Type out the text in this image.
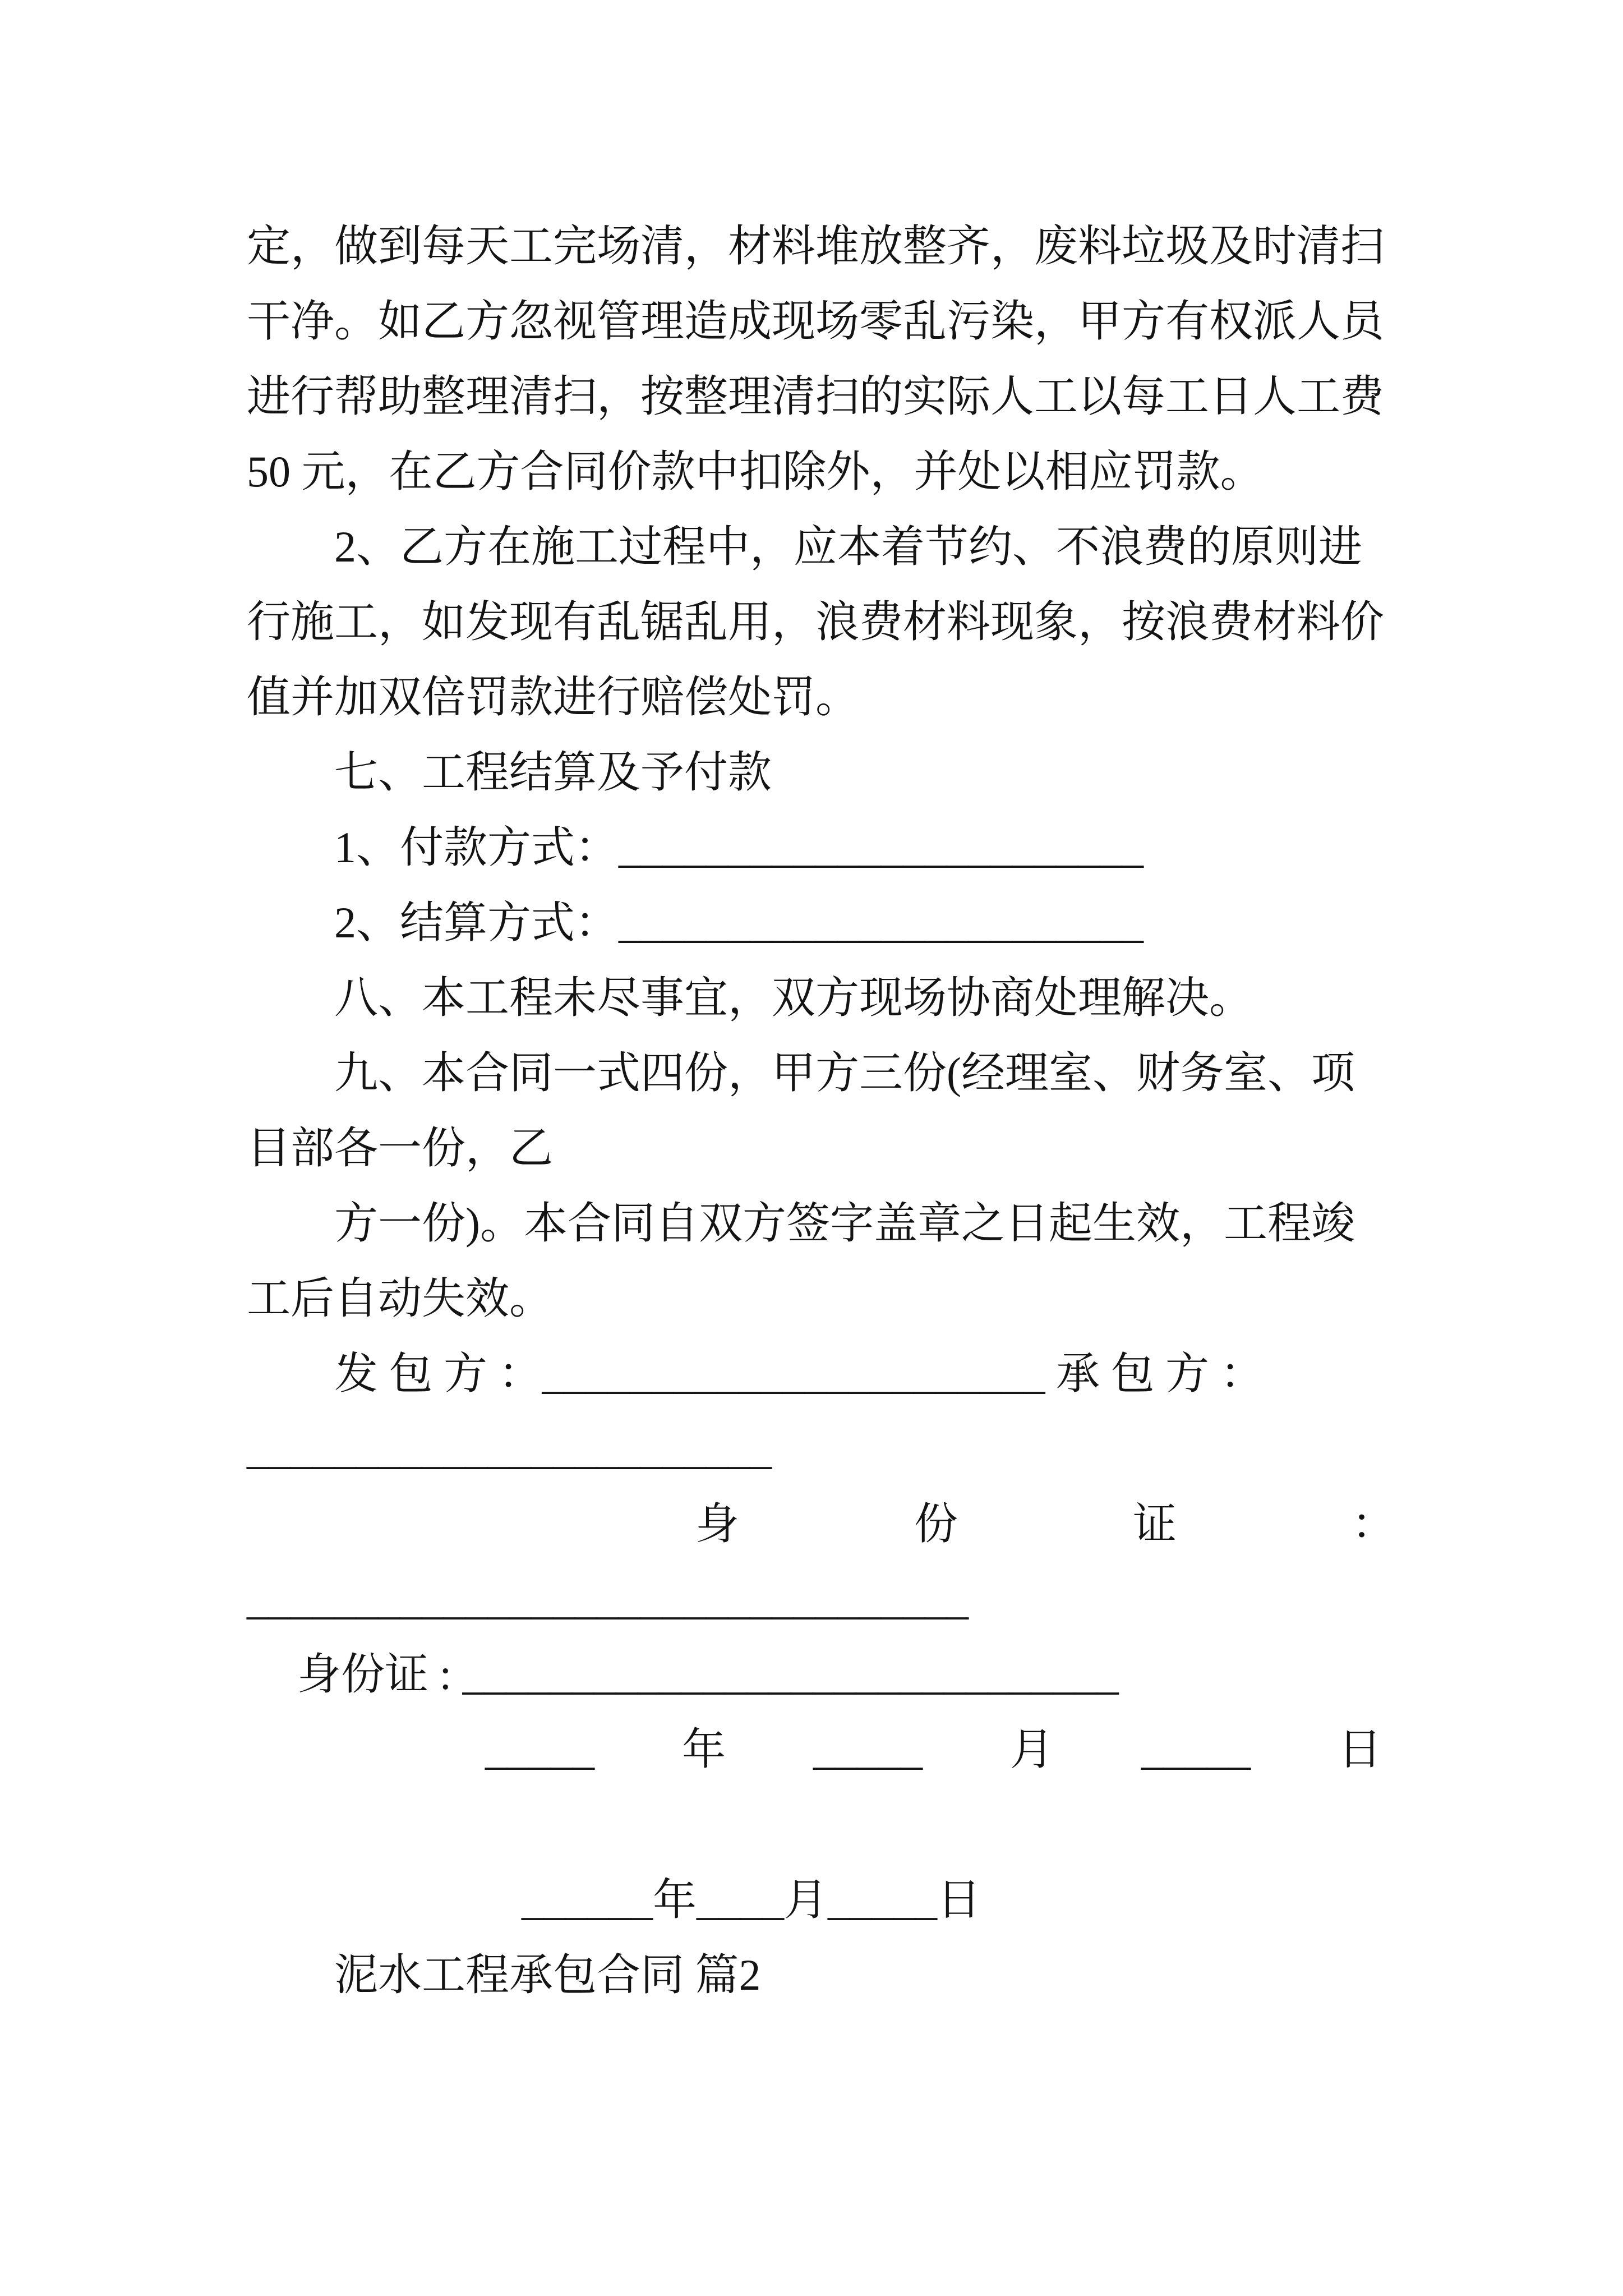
定，做到每天工完场清，材料堆放整齐，废料垃圾及时清扫
干净。如乙方忽视管理造成现场零乱污染，甲方有权派人员
进行帮助整理清扫，按整理清扫的实际人工以每工日人工费
50 元，在乙方合同价款中扣除外，并处以相应罚款。
2、乙方在施工过程中，应本着节约、不浪费的原则进
行施工，如发现有乱锯乱用，浪费材料现象，按浪费材料价
值并加双倍罚款进行赔偿处罚。
七、工程结算及予付款
1、付款方式：________________________
2、结算方式：________________________
八、本工程未尽事宜，双方现场协商处理解决。
九、本合同一式四份，甲方三份(经理室、财务室、项
目部各一份，乙
方一份)。本合同自双方签字盖章之日起生效，工程竣
工后自动失效。
发 包 方 ：_______________________ 承 包 方 ：
________________________
身　　　　份　　　　证　　　　：
_________________________________
身份证 : ______________________________
_____　　年　　_____　　月　　_____　　日
______年____月_____日
泥水工程承包合同 篇2
